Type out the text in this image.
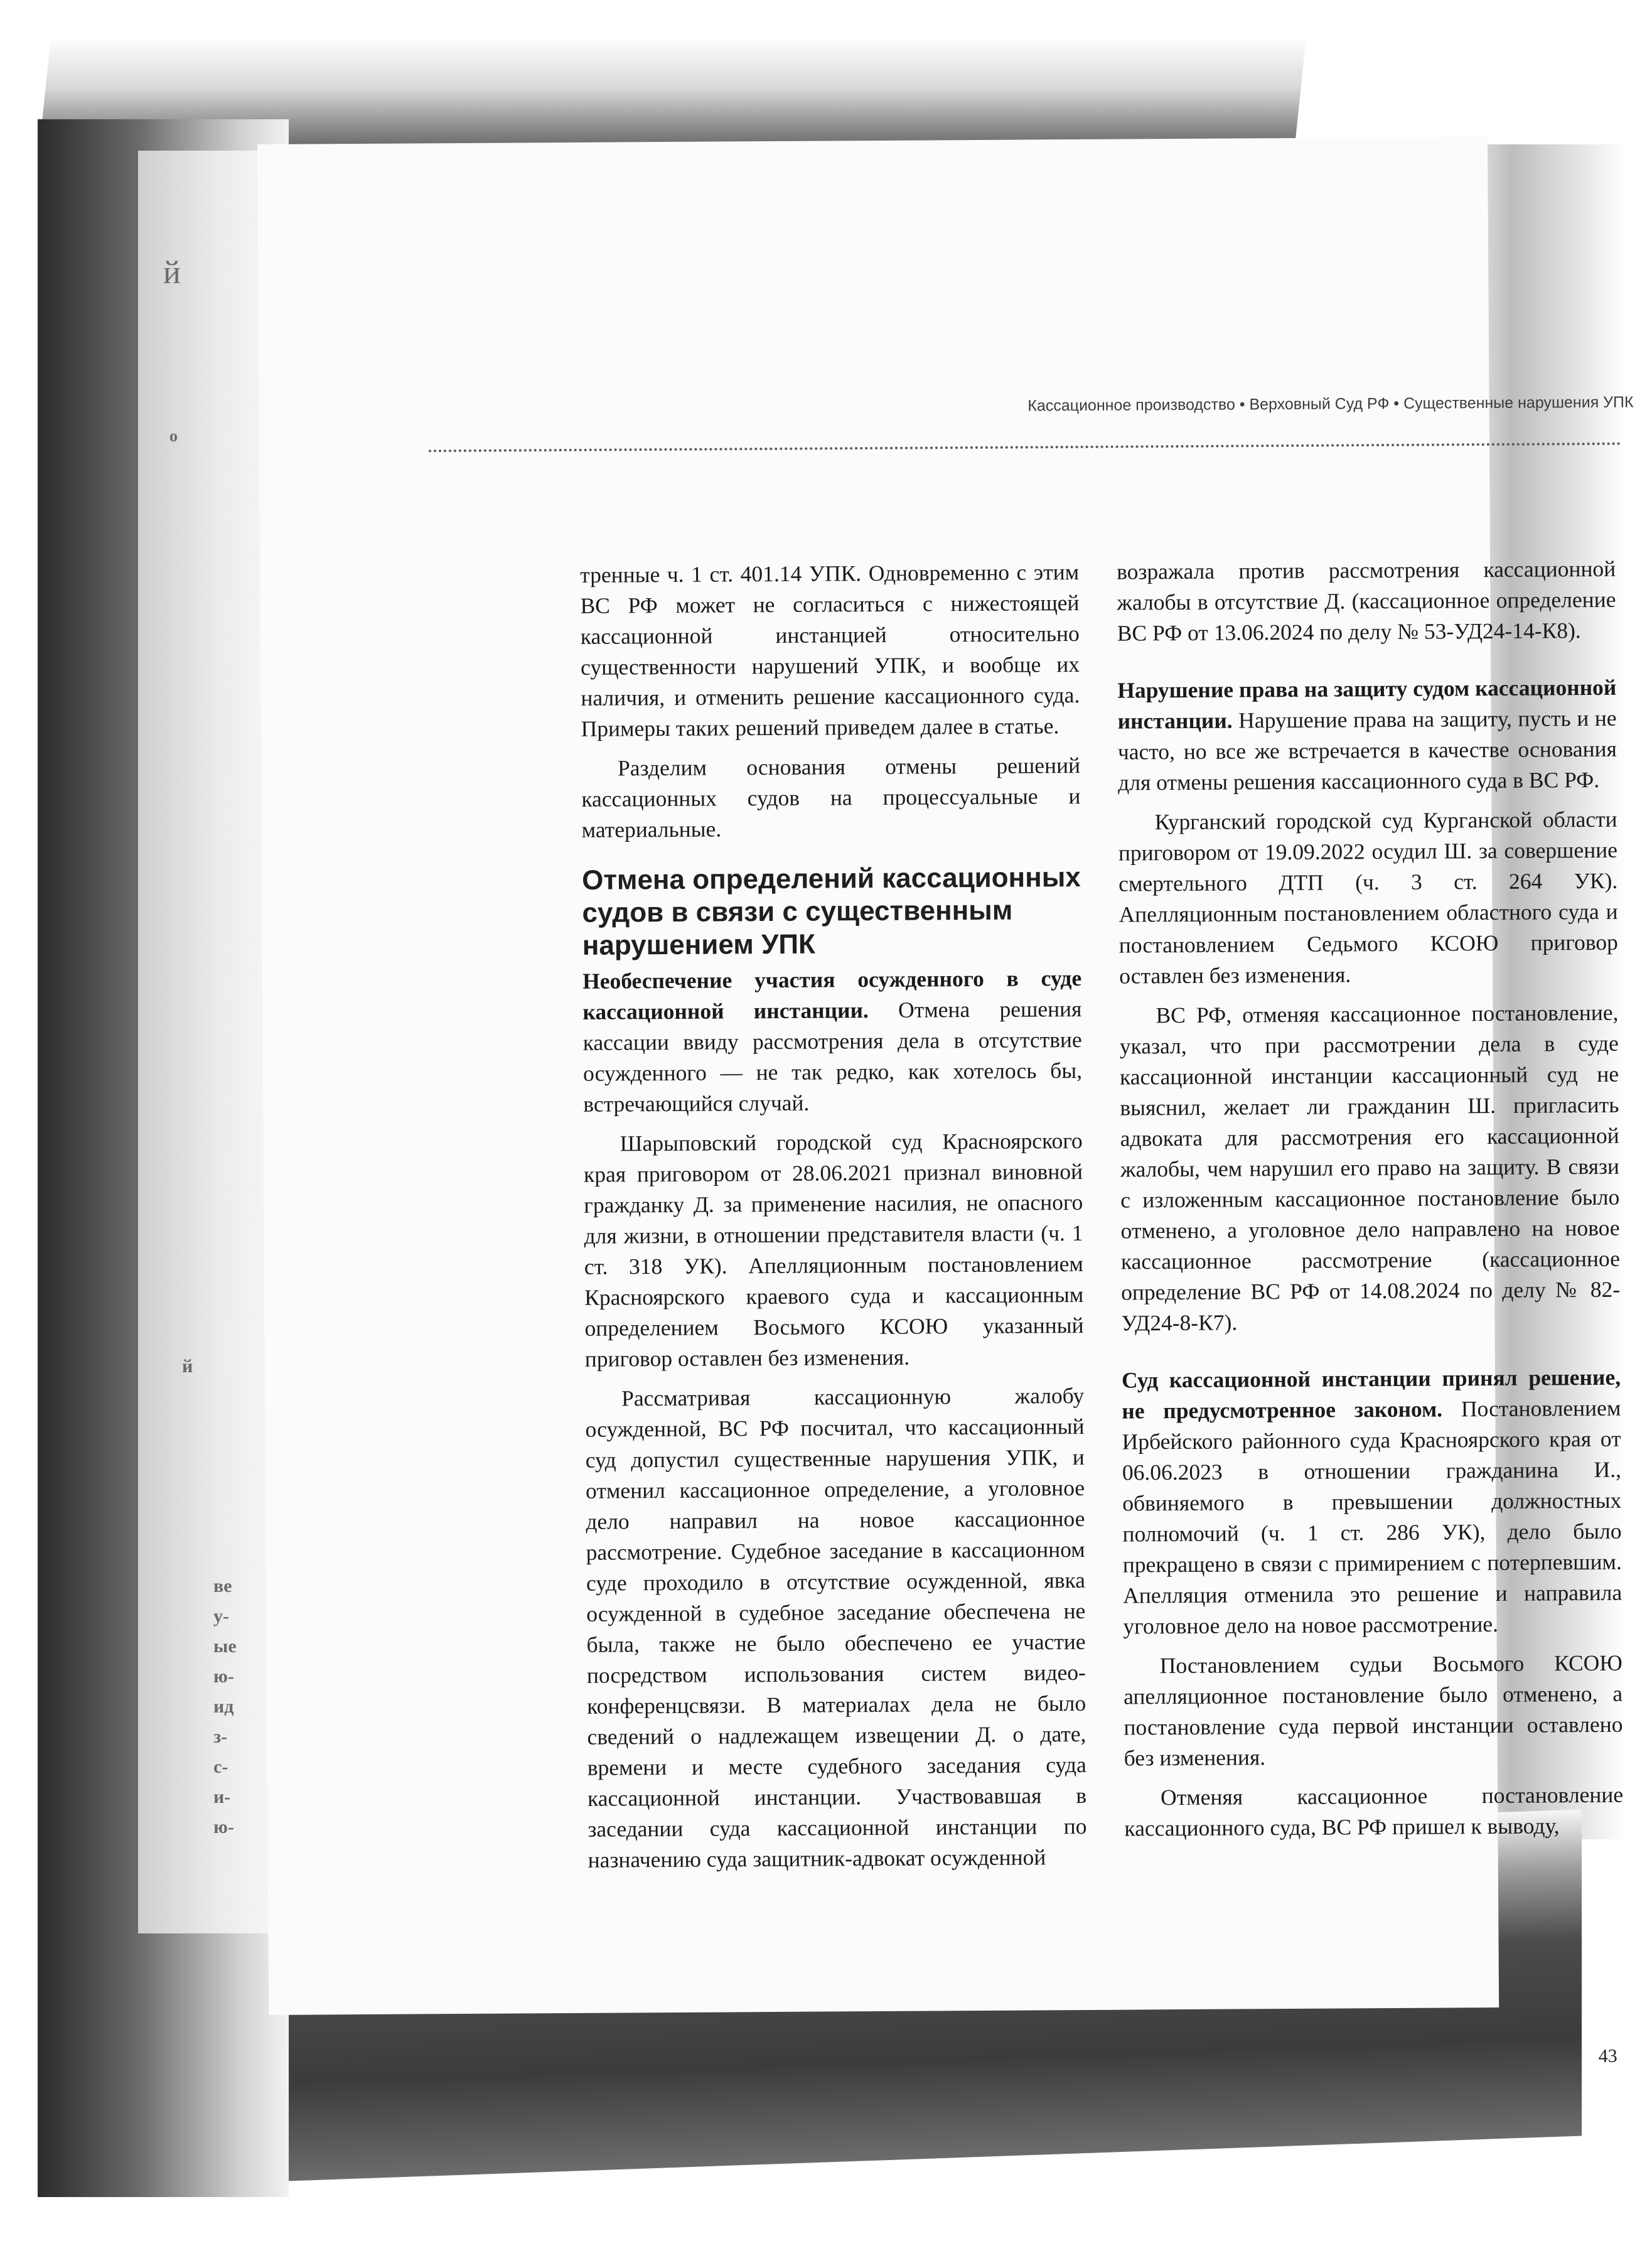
й
о
й
ве
у-
ые
ю-
ид
з-
с-
и-
ю-
Кассационное производство • Верховный Суд РФ • Существенные нарушения УПК

тренные ч. 1 ст. 401.14 УПК. Одновременно с этим ВС РФ может не согласиться с нижестоящей кассационной инстанцией относительно существенности нарушений УПК, и вообще их наличия, и отменить решение кассационного суда. Примеры таких решений приведем далее в статье.

Разделим основания отмены решений кассационных судов на процессуальные и материальные.

Отмена определений кассационных судов в связи с существенным нарушением УПК

Необеспечение участия осужденного в суде кассационной инстанции. Отмена решения кассации ввиду рассмотрения дела в отсутствие осужденного — не так редко, как хотелось бы, встречающийся случай.

Шарыповский городской суд Красноярского края приговором от 28.06.2021 признал виновной гражданку Д. за применение насилия, не опасного для жизни, в отношении представителя власти (ч. 1 ст. 318 УК). Апелляционным постановлением Красноярского краевого суда и кассационным определением Восьмого КСОЮ указанный приговор оставлен без изменения.

Рассматривая кассационную жалобу осужденной, ВС РФ посчитал, что кассационный суд допустил существенные нарушения УПК, и отменил кассационное определение, а уголовное дело направил на новое кассационное рассмотрение. Судебное заседание в кассационном суде проходило в отсутствие осужденной, явка осужденной в судебное заседание обеспечена не была, также не было обеспечено ее участие посредством использования систем видео-конференцсвязи. В материалах дела не было сведений о надлежащем извещении Д. о дате, времени и месте судебного заседания суда кассационной инстанции. Участвовавшая в заседании суда кассационной инстанции по назначению суда защитник-адвокат осужденной

возражала против рассмотрения кассационной жалобы в отсутствие Д. (кассационное определение ВС РФ от 13.06.2024 по делу № 53-УД24-14-К8).

Нарушение права на защиту судом кассационной инстанции. Нарушение права на защиту, пусть и не часто, но все же встречается в качестве основания для отмены решения кассационного суда в ВС РФ.

Курганский городской суд Курганской области приговором от 19.09.2022 осудил Ш. за совершение смертельного ДТП (ч. 3 ст. 264 УК). Апелляционным постановлением областного суда и постановлением Седьмого КСОЮ приговор оставлен без изменения.

ВС РФ, отменяя кассационное постановление, указал, что при рассмотрении дела в суде кассационной инстанции кассационный суд не выяснил, желает ли гражданин Ш. пригласить адвоката для рассмотрения его кассационной жалобы, чем нарушил его право на защиту. В связи с изложенным кассационное постановление было отменено, а уголовное дело направлено на новое кассационное рассмотрение (кассационное определение ВС РФ от 14.08.2024 по делу № 82-УД24-8-К7).

Суд кассационной инстанции принял решение, не предусмотренное законом. Постановлением Ирбейского районного суда Красноярского края от 06.06.2023 в отношении гражданина И., обвиняемого в превышении должностных полномочий (ч. 1 ст. 286 УК), дело было прекращено в связи с примирением с потерпевшим. Апелляция отменила это решение и направила уголовное дело на новое рассмотрение.

Постановлением судьи Восьмого КСОЮ апелляционное постановление было отменено, а постановление суда первой инстанции оставлено без изменения.

Отменяя кассационное постановление кассационного суда, ВС РФ пришел к выводу,

43
